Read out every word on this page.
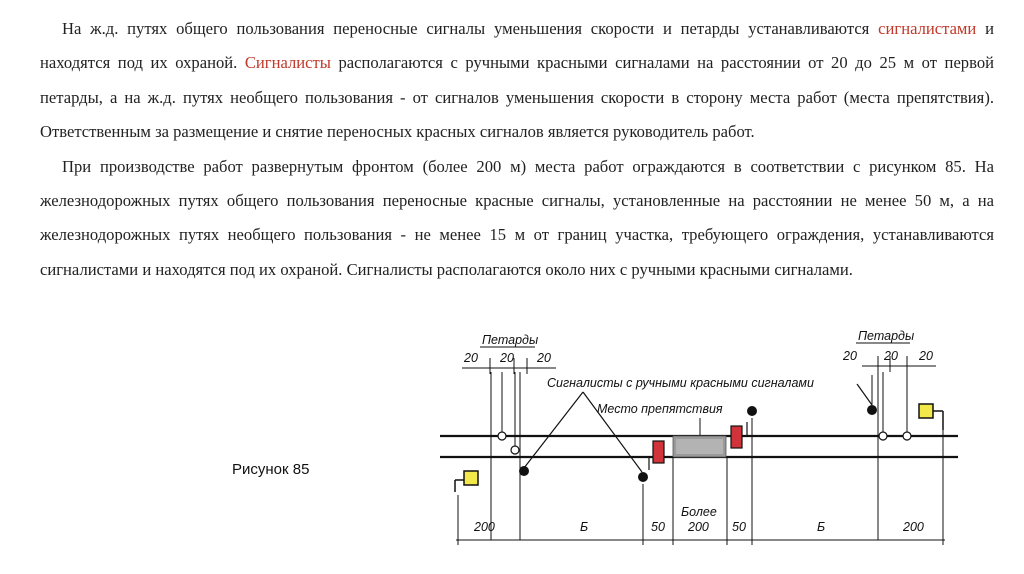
На ж.д. путях общего пользования переносные сигналы уменьшения скорости и петарды устанавливаются сигналистами и находятся под их охраной. Сигналисты располагаются с ручными красными сигналами на расстоянии от 20 до 25 м от первой петарды, а на ж.д. путях необщего пользования - от сигналов уменьшения скорости в сторону места работ (места препятствия). Ответственным за размещение и снятие переносных красных сигналов является руководитель работ.

При производстве работ развернутым фронтом (более 200 м) места работ ограждаются в соответствии с рисунком 85. На железнодорожных путях общего пользования переносные красные сигналы, установленные на расстоянии не менее 50 м, а на железнодорожных путях необщего пользования - не менее 15 м от границ участка, требующего ограждения, устанавливаются сигналистами и находятся под их охраной. Сигналисты располагаются около них с ручными красными сигналами.

Рисунок 85
Петарды
20 20 20
Сигналисты с ручными красными сигналами
Место препятствия
Петарды
20 20 20
200	Б	50
Более
200 50	Б	200
